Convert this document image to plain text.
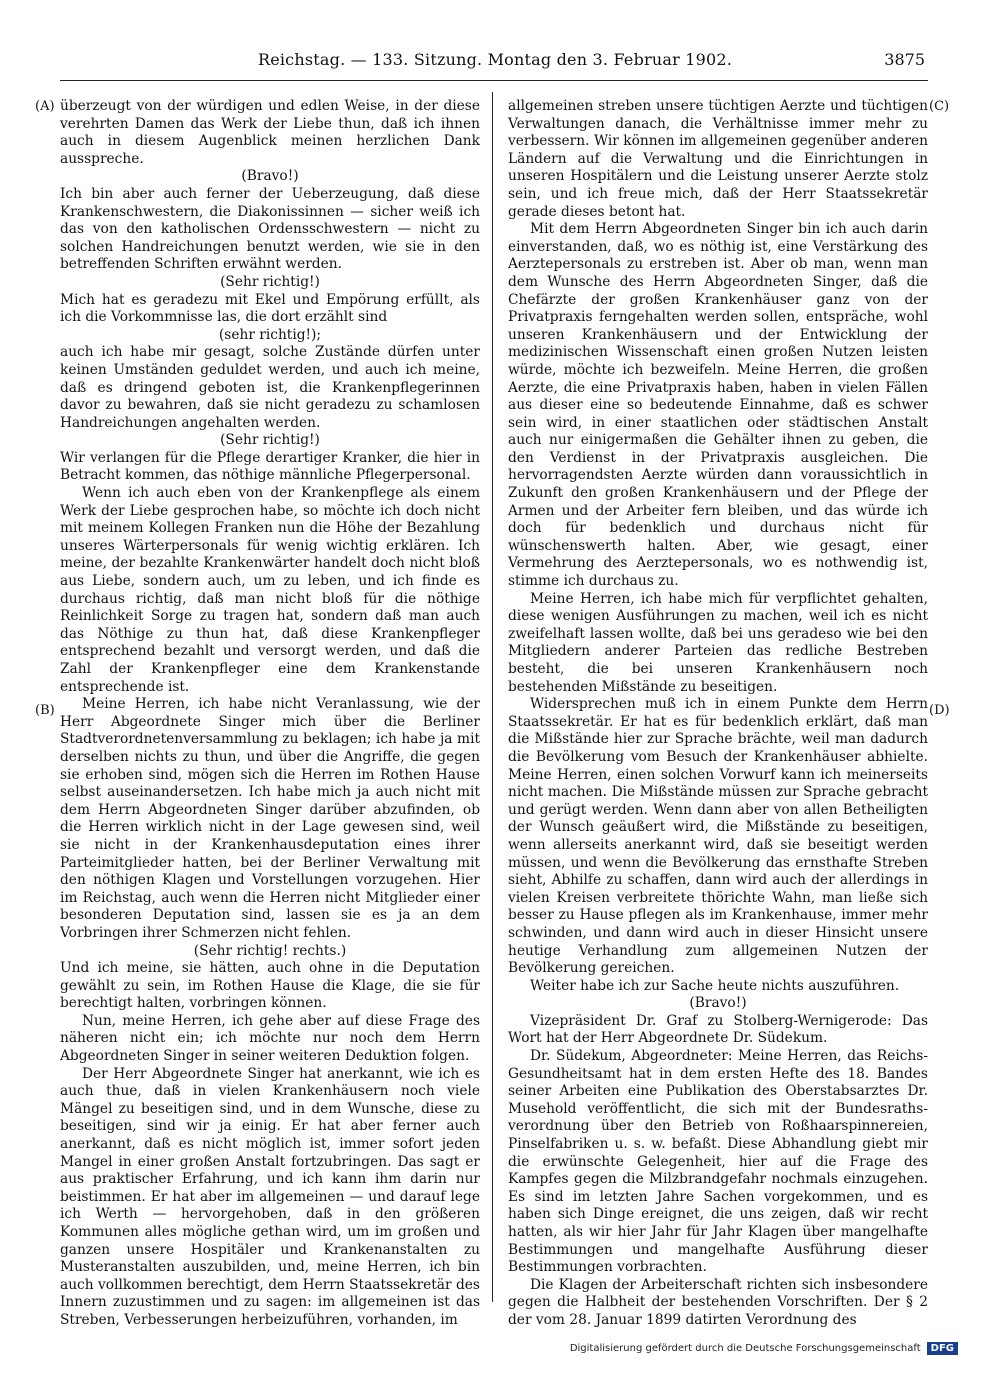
Reichstag. — 133. Sitzung. Montag den 3. Februar 1902.	3875
(A)
(B)
(C)
(D)

überzeugt von der würdigen und edlen Weise, in der diese verehrten Damen das Werk der Liebe thun, daß ich ihnen auch in diesem Augenblick meinen herzlichen Dank ausspreche.

(Bravo!)

Ich bin aber auch ferner der Ueberzeugung, daß diese Krankenschwestern, die Diakonissinnen — sicher weiß ich das von den katholischen Ordensschwestern — nicht zu solchen Handreichungen benutzt werden, wie sie in den betreffenden Schriften erwähnt werden.

(Sehr richtig!)

Mich hat es geradezu mit Ekel und Empörung erfüllt, als ich die Vorkommnisse las, die dort erzählt sind

(sehr richtig!);

auch ich habe mir gesagt, solche Zustände dürfen unter keinen Umständen geduldet werden, und auch ich meine, daß es dringend geboten ist, die Krankenpflegerinnen davor zu bewahren, daß sie nicht geradezu zu schamlosen Handreichungen angehalten werden.

(Sehr richtig!)

Wir verlangen für die Pflege derartiger Kranker, die hier in Betracht kommen, das nöthige männliche Pflegerpersonal.

Wenn ich auch eben von der Krankenpflege als einem Werk der Liebe gesprochen habe, so möchte ich doch nicht mit meinem Kollegen Franken nun die Höhe der Bezahlung unseres Wärterpersonals für wenig wichtig erklären. Ich meine, der bezahlte Krankenwärter handelt doch nicht bloß aus Liebe, sondern auch, um zu leben, und ich finde es durchaus richtig, daß man nicht bloß für die nöthige Reinlichkeit Sorge zu tragen hat, sondern daß man auch das Nöthige zu thun hat, daß diese Krankenpfleger entsprechend bezahlt und versorgt werden, und daß die Zahl der Krankenpfleger eine dem Krankenstande entsprechende ist.

Meine Herren, ich habe nicht Veranlassung, wie der Herr Abgeordnete Singer mich über die Berliner Stadtverordnetenversammlung zu beklagen; ich habe ja mit derselben nichts zu thun, und über die Angriffe, die gegen sie erhoben sind, mögen sich die Herren im Rothen Hause selbst auseinandersetzen. Ich habe mich ja auch nicht mit dem Herrn Abgeordneten Singer darüber abzufinden, ob die Herren wirklich nicht in der Lage gewesen sind, weil sie nicht in der Krankenhausdeputation eines ihrer Parteimitglieder hatten, bei der Berliner Verwaltung mit den nöthigen Klagen und Vorstellungen vorzugehen. Hier im Reichstag, auch wenn die Herren nicht Mitglieder einer besonderen Deputation sind, lassen sie es ja an dem Vorbringen ihrer Schmerzen nicht fehlen.

(Sehr richtig! rechts.)

Und ich meine, sie hätten, auch ohne in die Deputation gewählt zu sein, im Rothen Hause die Klage, die sie für berechtigt halten, vorbringen können.

Nun, meine Herren, ich gehe aber auf diese Frage des näheren nicht ein; ich möchte nur noch dem Herrn Abgeordneten Singer in seiner weiteren Deduktion folgen.

Der Herr Abgeordnete Singer hat anerkannt, wie ich es auch thue, daß in vielen Krankenhäusern noch viele Mängel zu beseitigen sind, und in dem Wunsche, diese zu beseitigen, sind wir ja einig. Er hat aber ferner auch anerkannt, daß es nicht möglich ist, immer sofort jeden Mangel in einer großen Anstalt fortzubringen. Das sagt er aus praktischer Erfahrung, und ich kann ihm darin nur beistimmen. Er hat aber im allgemeinen — und darauf lege ich Werth — hervorgehoben, daß in den größeren Kommunen alles mögliche gethan wird, um im großen und ganzen unsere Hospitäler und Krankenanstalten zu Musteranstalten auszubilden, und, meine Herren, ich bin auch vollkommen berechtigt, dem Herrn Staatssekretär des Innern zuzustimmen und zu sagen: im allgemeinen ist das Streben, Verbesserungen herbeizuführen, vorhanden, im

allgemeinen streben unsere tüchtigen Aerzte und tüchtigen Verwaltungen danach, die Verhältnisse immer mehr zu verbessern. Wir können im allgemeinen gegenüber anderen Ländern auf die Verwaltung und die Einrichtungen in unseren Hospitälern und die Leistung unserer Aerzte stolz sein, und ich freue mich, daß der Herr Staatssekretär gerade dieses betont hat.

Mit dem Herrn Abgeordneten Singer bin ich auch darin einverstanden, daß, wo es nöthig ist, eine Verstärkung des Aerztepersonals zu erstreben ist. Aber ob man, wenn man dem Wunsche des Herrn Abgeordneten Singer, daß die Chefärzte der großen Krankenhäuser ganz von der Privatpraxis ferngehalten werden sollen, entspräche, wohl unseren Krankenhäusern und der Entwicklung der medizinischen Wissenschaft einen großen Nutzen leisten würde, möchte ich bezweifeln. Meine Herren, die großen Aerzte, die eine Privatpraxis haben, haben in vielen Fällen aus dieser eine so bedeutende Einnahme, daß es schwer sein wird, in einer staatlichen oder städtischen Anstalt auch nur einigermaßen die Gehälter ihnen zu geben, die den Verdienst in der Privatpraxis ausgleichen. Die hervorragendsten Aerzte würden dann voraussichtlich in Zukunft den großen Krankenhäusern und der Pflege der Armen und der Arbeiter fern bleiben, und das würde ich doch für bedenklich und durchaus nicht für wünschenswerth halten. Aber, wie gesagt, einer Vermehrung des Aerztepersonals, wo es nothwendig ist, stimme ich durchaus zu.

Meine Herren, ich habe mich für verpflichtet gehalten, diese wenigen Ausführungen zu machen, weil ich es nicht zweifelhaft lassen wollte, daß bei uns geradeso wie bei den Mitgliedern anderer Parteien das redliche Bestreben besteht, die bei unseren Krankenhäusern noch bestehenden Mißstände zu beseitigen.

Widersprechen muß ich in einem Punkte dem Herrn Staatssekretär. Er hat es für bedenklich erklärt, daß man die Mißstände hier zur Sprache brächte, weil man dadurch die Bevölkerung vom Besuch der Krankenhäuser abhielte. Meine Herren, einen solchen Vorwurf kann ich meinerseits nicht machen. Die Mißstände müssen zur Sprache gebracht und gerügt werden. Wenn dann aber von allen Betheiligten der Wunsch geäußert wird, die Mißstände zu beseitigen, wenn allerseits anerkannt wird, daß sie beseitigt werden müssen, und wenn die Bevölkerung das ernsthafte Streben sieht, Abhilfe zu schaffen, dann wird auch der allerdings in vielen Kreisen verbreitete thörichte Wahn, man ließe sich besser zu Hause pflegen als im Krankenhause, immer mehr schwinden, und dann wird auch in dieser Hinsicht unsere heutige Verhandlung zum allgemeinen Nutzen der Bevölkerung gereichen.

Weiter habe ich zur Sache heute nichts auszuführen.

(Bravo!)

Vizepräsident Dr. Graf zu Stolberg-Wernigerode: Das Wort hat der Herr Abgeordnete Dr. Südekum.

Dr. Südekum, Abgeordneter: Meine Herren, das Reichs-Gesundheitsamt hat in dem ersten Hefte des 18. Bandes seiner Arbeiten eine Publikation des Oberstabsarztes Dr. Musehold veröffentlicht, die sich mit der Bundesraths-verordnung über den Betrieb von Roßhaarspinnereien, Pinselfabriken u. s. w. befaßt. Diese Abhandlung giebt mir die erwünschte Gelegenheit, hier auf die Frage des Kampfes gegen die Milzbrandgefahr nochmals einzugehen. Es sind im letzten Jahre Sachen vorgekommen, und es haben sich Dinge ereignet, die uns zeigen, daß wir recht hatten, als wir hier Jahr für Jahr Klagen über mangelhafte Bestimmungen und mangelhafte Ausführung dieser Bestimmungen vorbrachten.

Die Klagen der Arbeiterschaft richten sich insbesondere gegen die Halbheit der bestehenden Vorschriften. Der § 2 der vom 28. Januar 1899 datirten Verordnung des

Digitalisierung gefördert durch die Deutsche Forschungsgemeinschaft	DFG
